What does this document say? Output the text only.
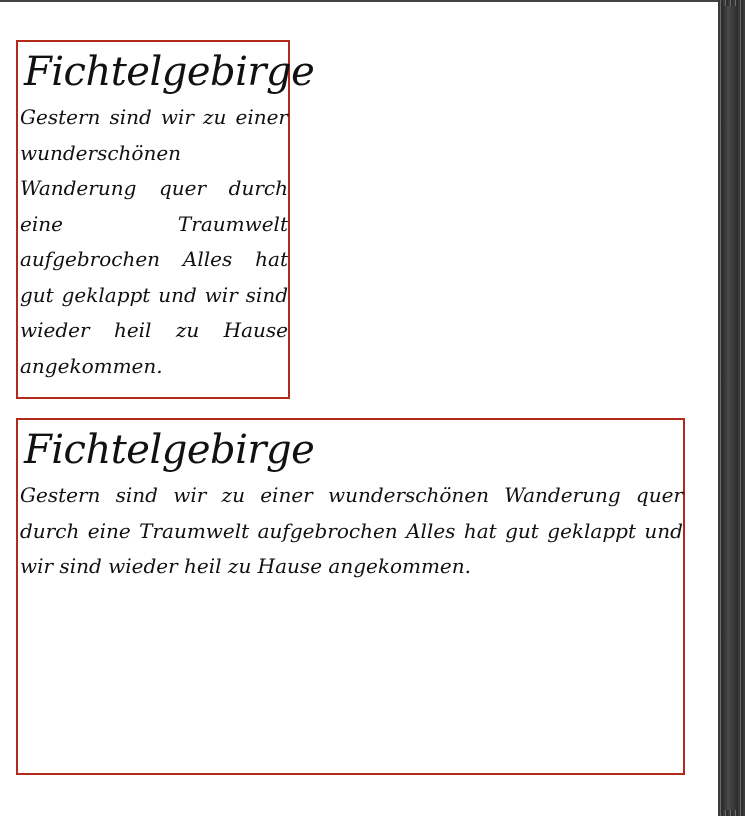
Fichtelgebirge

Gestern sind wir zu einer wunderschönen Wanderung quer durch eine Traumwelt aufgebrochen Alles hat gut geklappt und wir sind wieder heil zu Hause angekommen.

Fichtelgebirge

Gestern sind wir zu einer wunderschönen Wanderung quer durch eine Traumwelt aufgebrochen Alles hat gut geklappt und wir sind wieder heil zu Hause angekommen.
